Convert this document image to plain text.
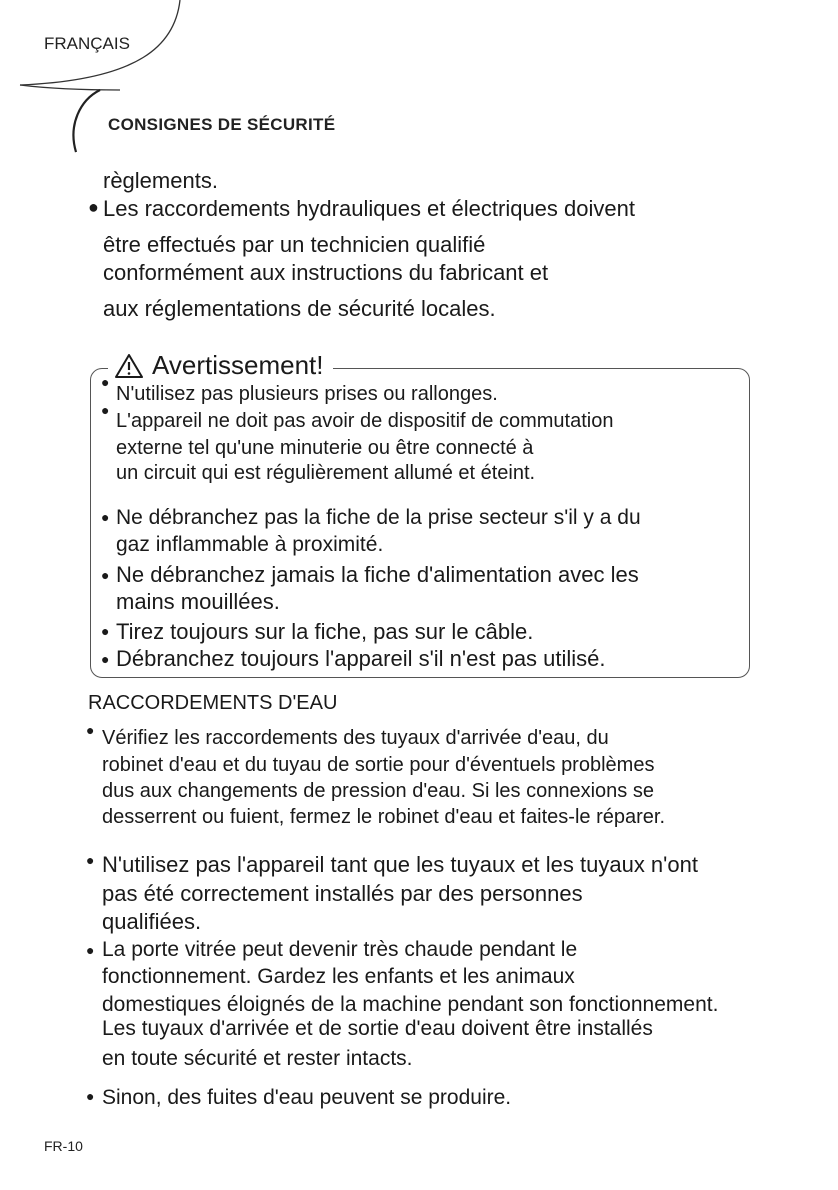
FRANÇAIS
CONSIGNES DE SÉCURITÉ
règlements.
● Les raccordements hydrauliques et électriques doivent
être effectués par un technicien qualifié
conformément aux instructions du fabricant et
aux réglementations de sécurité locales.
Avertissement!
●
N'utilisez pas plusieurs prises ou rallonges.
● L'appareil ne doit pas avoir de dispositif de commutation
externe tel qu'une minuterie ou être connecté à
un circuit qui est régulièrement allumé et éteint.
● Ne débranchez pas la fiche de la prise secteur s'il y a du
gaz inflammable à proximité.
● Ne débranchez jamais la fiche d'alimentation avec les
mains mouillées.
● Tirez toujours sur la fiche, pas sur le câble.
● Débranchez toujours l'appareil s'il n'est pas utilisé.
RACCORDEMENTS D'EAU
● Vérifiez les raccordements des tuyaux d'arrivée d'eau, du
robinet d'eau et du tuyau de sortie pour d'éventuels problèmes
dus aux changements de pression d'eau. Si les connexions se
desserrent ou fuient, fermez le robinet d'eau et faites-le réparer.
● N'utilisez pas l'appareil tant que les tuyaux et les tuyaux n'ont
pas été correctement installés par des personnes
qualifiées.
● La porte vitrée peut devenir très chaude pendant le
fonctionnement. Gardez les enfants et les animaux
domestiques éloignés de la machine pendant son fonctionnement.
Les tuyaux d'arrivée et de sortie d'eau doivent être installés
en toute sécurité et rester intacts.
● Sinon, des fuites d'eau peuvent se produire.
FR-10
